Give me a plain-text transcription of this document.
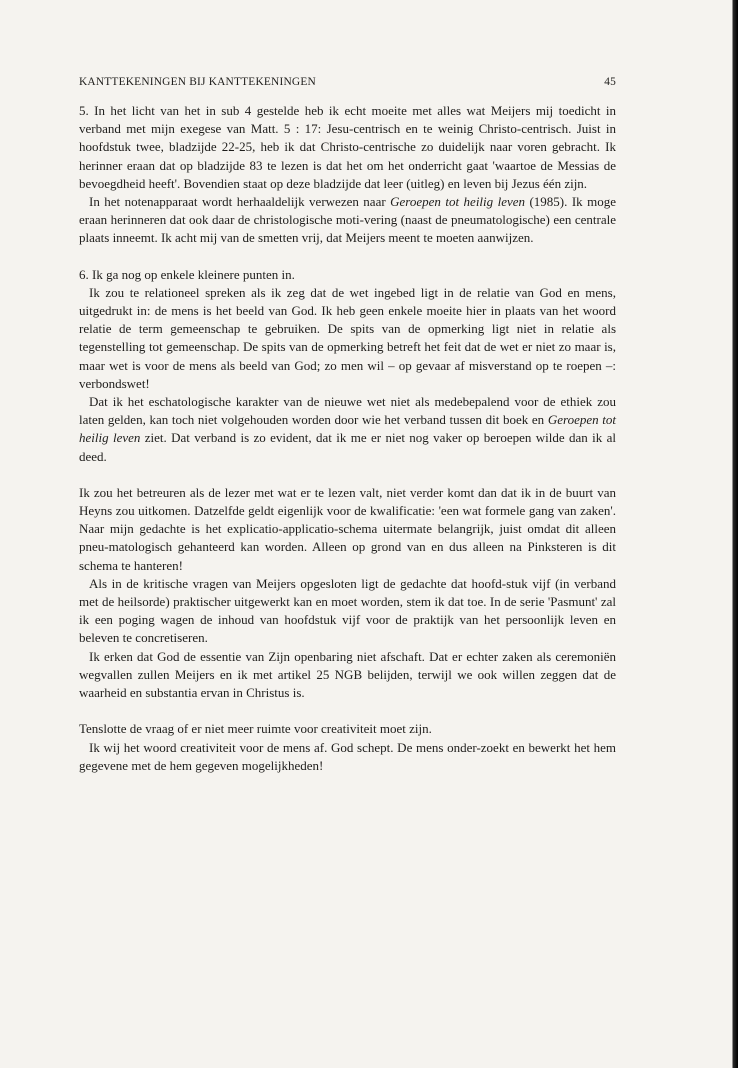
KANTTEKENINGEN BIJ KANTTEKENINGEN	45

5. In het licht van het in sub 4 gestelde heb ik echt moeite met alles wat Meijers mij toedicht in verband met mijn exegese van Matt. 5 : 17: Jesu-centrisch en te weinig Christo-centrisch. Juist in hoofdstuk twee, bladzijde 22-25, heb ik dat Christo-centrische zo duidelijk naar voren gebracht. Ik herinner eraan dat op bladzijde 83 te lezen is dat het om het onderricht gaat 'waartoe de Messias de bevoegdheid heeft'. Bovendien staat op deze bladzijde dat leer (uitleg) en leven bij Jezus één zijn.

In het notenapparaat wordt herhaaldelijk verwezen naar Geroepen tot heilig leven (1985). Ik moge eraan herinneren dat ook daar de christologische moti-vering (naast de pneumatologische) een centrale plaats inneemt. Ik acht mij van de smetten vrij, dat Meijers meent te moeten aanwijzen.

6. Ik ga nog op enkele kleinere punten in.

Ik zou te relationeel spreken als ik zeg dat de wet ingebed ligt in de relatie van God en mens, uitgedrukt in: de mens is het beeld van God. Ik heb geen enkele moeite hier in plaats van het woord relatie de term gemeenschap te gebruiken. De spits van de opmerking ligt niet in relatie als tegenstelling tot gemeenschap. De spits van de opmerking betreft het feit dat de wet er niet zo maar is, maar wet is voor de mens als beeld van God; zo men wil – op gevaar af misverstand op te roepen –: verbondswet!

Dat ik het eschatologische karakter van de nieuwe wet niet als medebepalend voor de ethiek zou laten gelden, kan toch niet volgehouden worden door wie het verband tussen dit boek en Geroepen tot heilig leven ziet. Dat verband is zo evident, dat ik me er niet nog vaker op beroepen wilde dan ik al deed.

Ik zou het betreuren als de lezer met wat er te lezen valt, niet verder komt dan dat ik in de buurt van Heyns zou uitkomen. Datzelfde geldt eigenlijk voor de kwalificatie: 'een wat formele gang van zaken'. Naar mijn gedachte is het explicatio-applicatio-schema uitermate belangrijk, juist omdat dit alleen pneu-matologisch gehanteerd kan worden. Alleen op grond van en dus alleen na Pinksteren is dit schema te hanteren!

Als in de kritische vragen van Meijers opgesloten ligt de gedachte dat hoofd-stuk vijf (in verband met de heilsorde) praktischer uitgewerkt kan en moet worden, stem ik dat toe. In de serie 'Pasmunt' zal ik een poging wagen de inhoud van hoofdstuk vijf voor de praktijk van het persoonlijk leven en beleven te concretiseren.

Ik erken dat God de essentie van Zijn openbaring niet afschaft. Dat er echter zaken als ceremoniën wegvallen zullen Meijers en ik met artikel 25 NGB belijden, terwijl we ook willen zeggen dat de waarheid en substantia ervan in Christus is.

Tenslotte de vraag of er niet meer ruimte voor creativiteit moet zijn.

Ik wij het woord creativiteit voor de mens af. God schept. De mens onder-zoekt en bewerkt het hem gegevene met de hem gegeven mogelijkheden!
